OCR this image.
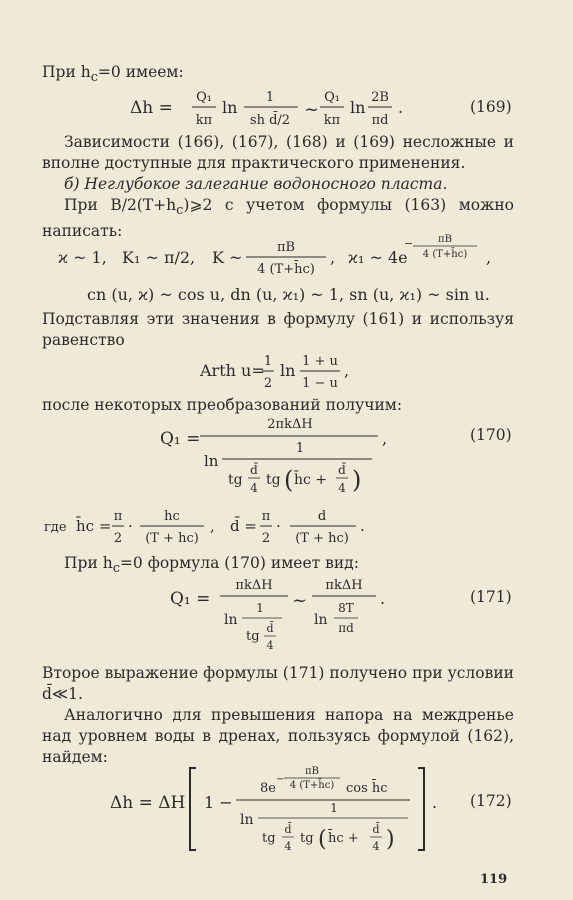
При $h_c=0$ имеем:
Δh =
Q₁
kπ
ln
1
sh d̄/2
~
Q₁
kπ
ln
2B
πd
.	(169)
Зависимости (166), (167), (168) и (169) несложные и вполне доступные для практического применения.
б) Неглубокое залегание водоносного пласта.
При $B/2(T+h_c)⩾2$ с учетом формулы (163) можно написать:
ϰ ~ 1, K₁ ~ π/2, K ~
πB
4 (T+h̄c)
, ϰ₁ ~ 4e
− πB
4 (T+h̄c) ,
cn (u, ϰ) ~ cos u, dn (u, ϰ₁) ~ 1, sn (u, ϰ₁) ~ sin u.
Подставляя эти значения в формулу (161) и используя равенство
Arth u= 1
2
ln 1 + u
1 − u
,
после некоторых преобразований получим:
Q₁ =
2πkΔH
,
ln
1
tg
d̄
4 tg ( h̄c +
d̄
4 )
(170)
где h̄c =
π
2
·
hc
(T + hc)
, d̄ =
π
2
·
d
(T + hc)
.
При $h_c=0$ формула (170) имеет вид:
Q₁ =
πkΔH
ln
1
tg
d̄
4
~
πkΔH
ln
8T
πd
.	(171)
Второе выражение формулы (171) получено при условии d̄≪1.
Аналогично для превышения напора на междренье над уровнем воды в дренах, пользуясь формулой (162), найдем:
Δh = ΔH 1 −
8e
−
πB
4 (T+h̄c) cos h̄c
ln
1
tg
d̄
4
tg ( h̄c +
d̄
4 )
. (172)
119
